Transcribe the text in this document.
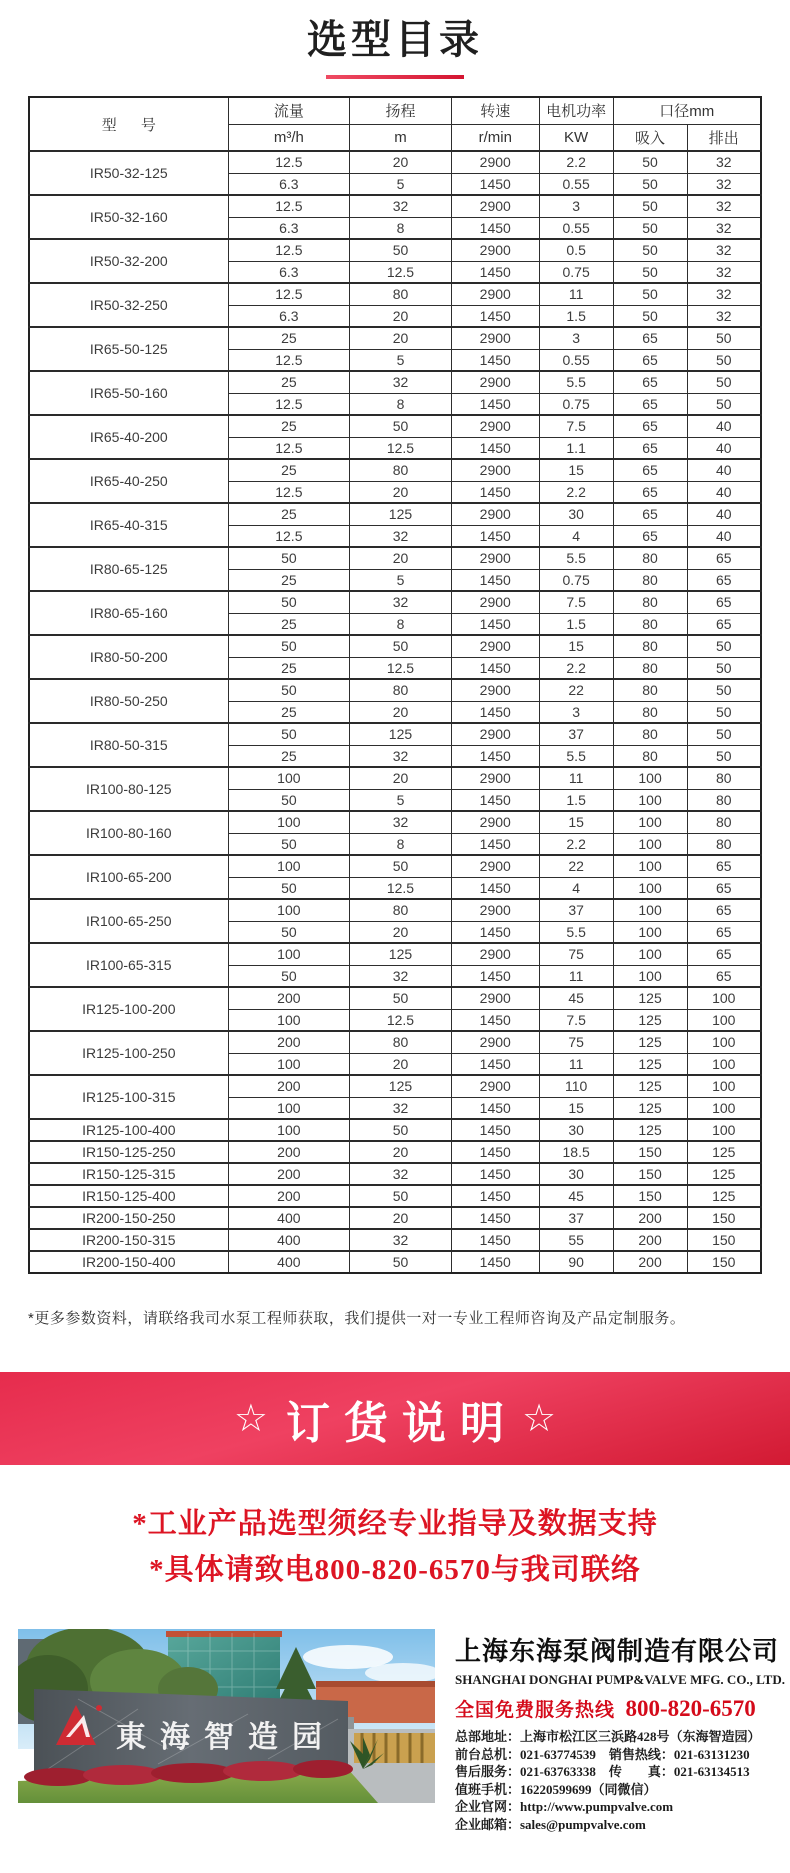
选型目录
型 号	流量	扬程	转速	电机功率	口径mm	
	m³/h	m	r/min	KW	吸入	排出
IR50-32-125	12.5	20	2900	2.2	50	32
	6.3	5	1450	0.55	50	32
IR50-32-160	12.5	32	2900	3	50	32
	6.3	8	1450	0.55	50	32
IR50-32-200	12.5	50	2900	0.5	50	32
	6.3	12.5	1450	0.75	50	32
IR50-32-250	12.5	80	2900	11	50	32
	6.3	20	1450	1.5	50	32
IR65-50-125	25	20	2900	3	65	50
	12.5	5	1450	0.55	65	50
IR65-50-160	25	32	2900	5.5	65	50
	12.5	8	1450	0.75	65	50
IR65-40-200	25	50	2900	7.5	65	40
	12.5	12.5	1450	1.1	65	40
IR65-40-250	25	80	2900	15	65	40
	12.5	20	1450	2.2	65	40
IR65-40-315	25	125	2900	30	65	40
	12.5	32	1450	4	65	40
IR80-65-125	50	20	2900	5.5	80	65
	25	5	1450	0.75	80	65
IR80-65-160	50	32	2900	7.5	80	65
	25	8	1450	1.5	80	65
IR80-50-200	50	50	2900	15	80	50
	25	12.5	1450	2.2	80	50
IR80-50-250	50	80	2900	22	80	50
	25	20	1450	3	80	50
IR80-50-315	50	125	2900	37	80	50
	25	32	1450	5.5	80	50
IR100-80-125	100	20	2900	11	100	80
	50	5	1450	1.5	100	80
IR100-80-160	100	32	2900	15	100	80
	50	8	1450	2.2	100	80
IR100-65-200	100	50	2900	22	100	65
	50	12.5	1450	4	100	65
IR100-65-250	100	80	2900	37	100	65
	50	20	1450	5.5	100	65
IR100-65-315	100	125	2900	75	100	65
	50	32	1450	11	100	65
IR125-100-200	200	50	2900	45	125	100
	100	12.5	1450	7.5	125	100
IR125-100-250	200	80	2900	75	125	100
	100	20	1450	11	125	100
IR125-100-315	200	125	2900	110	125	100
	100	32	1450	15	125	100
IR125-100-400	100	50	1450	30	125	100
IR150-125-250	200	20	1450	18.5	150	125
IR150-125-315	200	32	1450	30	150	125
IR150-125-400	200	50	1450	45	150	125
IR200-150-250	400	20	1450	37	200	150
IR200-150-315	400	32	1450	55	200	150
IR200-150-400	400	50	1450	90	200	150

*更多参数资料，请联络我司水泵工程师获取，我们提供一对一专业工程师咨询及产品定制服务。

☆ 订货说明 ☆

*工业产品选型须经专业指导及数据支持

*具体请致电800-820-6570与我司联络

東海智造园
上海东海泵阀制造有限公司
SHANGHAI DONGHAI PUMP&VALVE MFG. CO., LTD.
全国免费服务热线 800-820-6570
总部地址：上海市松江区三浜路428号（东海智造园）
前台总机：021-63774539　销售热线：021-63131230
售后服务：021-63763338　传　　真：021-63134513
值班手机：16220599699（同微信）
企业官网：http://www.pumpvalve.com
企业邮箱：sales@pumpvalve.com
